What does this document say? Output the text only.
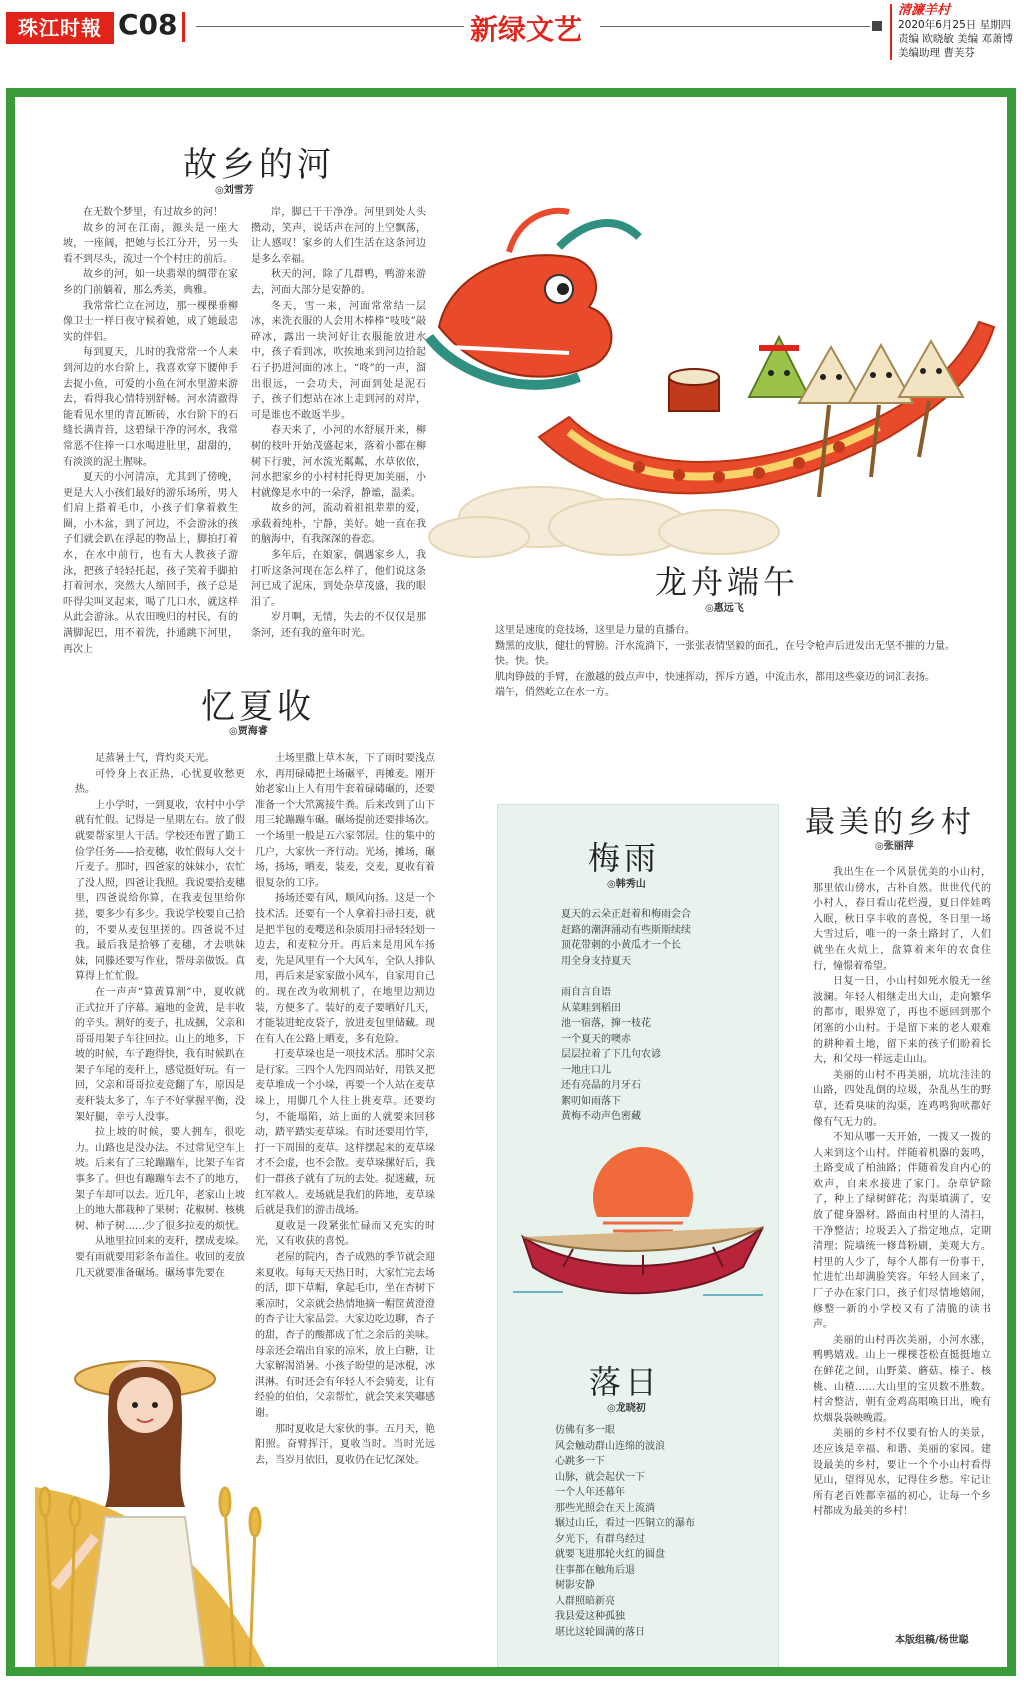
珠江时報 C08	新绿文艺
清濂羊村
2020年6月25日 星期四
责编 欧晓敏 美编 邓萧博
美编助理 曹芙芬
故乡的河
◎刘雪芳

在无数个梦里，有过故乡的河！

故乡的河在江南，源头是一座大坡，一座阔，把她与长江分开，另一头看不到尽头，流过一个个村庄的前后。

故乡的河，如一块翡翠的绸带在家乡的门前躺着，那么秀美，典雅。

我常常伫立在河边，那一棵棵垂柳像卫士一样日夜守候着她，成了她最忠实的伴侣。

每到夏天，儿时的我常常一个人来到河边的水台阶上，我喜欢穿下腰伸手去捉小鱼，可爱的小鱼在河水里游来游去，看得我心情特别舒畅。河水清澈得能看见水里的青瓦断砖，水台阶下的石缝长满青苔，这碧绿干净的河水，我常常恶不住捧一口水喝进肚里，甜甜的，有淡淡的泥土腥味。

夏天的小河清凉，尤其到了傍晚，更是大人小孩们最好的游乐场所，男人们肩上搭着毛巾，小孩子们拿着救生圈，小木盆，到了河边，不会游泳的孩子们就会趴在浮起的物品上，脚拍打着水，在水中前行，也有大人教孩子游泳，把孩子轻轻托起，孩子笑着手脚拍打着河水，突然大人缩回手，孩子总是吓得尖叫叉起来，喝了几口水，就这样从此会游泳。从农田晚归的村民，有的满脚泥巴，用不着洗，扑通跳下河里，再次上

岸，脚已干干净净。河里到处人头攒动，笑声，说话声在河的上空飘荡，让人感叹！家乡的人们生活在这条河边是多么幸福。

秋天的河，除了几群鸭，鸭游来游去，河面大部分是安静的。

冬天，雪一来，河面常常结一层冰，来洗衣服的人会用木棒棒“吱吱”敲碎冰，露出一块河好让衣服能放进水中，孩子看到冰，吹挨地来到河边拾起石子扔进河面的冰上，“咚”的一声，溜出很远，一会功夫，河面到处是泥石子，孩子们想站在冰上走到河的对岸，可是谁也不敢返半步。

春天来了，小河的水舒展开来，柳树的枝叶开始茂盛起来，落着小都在柳树下行驶，河水流光粼粼，水草依依，河水把家乡的小村村托得更加美丽，小村就像是水中的一朵浮，静谧，温柔。

故乡的河，流动着祖祖辈辈的爱，承载着纯朴，宁静，美好。她一直在我的脑海中，有我深深的眷恋。

多年后，在娘家，偶遇家乡人，我打听这条河现在怎么样了，他们说这条河已成了泥床，到处杂草茂盛，我的眼泪了。

岁月啊，无情，失去的不仅仅是那条河，还有我的童年时光。

龙舟端午
◎惠远飞
这里是速度的竞技场，这里是力量的直播台。
黝黑的皮肤，健壮的臂膀。汗水流淌下，一张张表情坚毅的面孔，在号令枪声后迸发出无坚不摧的力量。
快。快。快。
肌肉铮鼓的手臂，在激越的鼓点声中，快速挥动，挥斥方遒，中流击水，都用这些豪迈的词汇表扬。
端午，俏然屹立在水一方。
忆夏收
◎贾海睿

足蒸暑土气，背灼炎天光。

可怜身上衣正热，心忧夏收愁更热。

上小学时，一到夏收，农村中小学就有忙假。记得是一星期左右。放了假就要帮家里人干活。学校还布置了勤工俭学任务——拾麦穗，收忙假每人交十斤麦子。那时，四爸家的妹妹小，农忙了没人照，四爸让我照。我说要拾麦穗里，四爸说给你算，在我麦包里给你搓，要多少有多少。我说学校要自己拾的，不要从麦包里搓的。四爸说不过我。最后我是拾够了麦穗，才去哄妹妹，同滕还要写作业，帮母亲做饭。真算得上忙忙假。

在一声声“算黄算割”中，夏收就正式拉开了序幕。遍地的金黄，是丰收的辛头。割好的麦子，扎成捆，父亲和哥哥用架子车往回拉。山上的地多，下坡的时候，车子跑得快，我有时候趴在架子车尾的麦秆上，感觉挺好玩。有一回，父亲和哥哥拉麦竞翻了车，原因是麦秆装太多了，车子不好掌握平衡，没架好腿，幸亏人没事。

拉上坡的时候，要人拥车，很吃力。山路也是没办法。不过常见空车上坡。后来有了三轮蹦蹦车，比架子车省事多了。但也有蹦蹦车去不了的地方，架子车却可以去。近几年，老家山上坡上的地大都栽种了果树；花椒树、核桃树、柿子树……少了很多拉麦的烦忧。

从地里拉回来的麦秆，摆成麦垛。要有雨就要用彩条布盖住。收回的麦放几天就要准备碾场。碾场事先要在

土场里撒上草木灰，下了雨时要浅点水，再用碌碡把土场碾平，再摊麦。刚开始老家山上人有用牛套着碌碡碾的，还要准备一个大笊篱接牛粪。后来改到了山下用三轮蹦蹦车碾。碾场提前还要排场次。一个场里一般是五六家邻居。住的集中的几户，大家伙一齐行动。光场，摊场，碾场，扬场，晒麦，装麦，交麦，夏收有着很复杂的工序。

扬场还要有风，顺风向扬。这是一个技术活。还要有一个人拿着扫帚扫麦，就是把半包的麦嘤送和杂质用扫帚轻轻划一边去，和麦粒分开。再后来是用风车扬麦，先是风里有一个大风车，全队人排队用，再后来是家家做小风车，自家用自己的。现在改为收割机了，在地里边割边装，方便多了。装好的麦子要晒好几天，才能装进蛇皮袋子，放进麦包里储藏。现在有人在公路上晒麦，多有危险。

打麦草垛也是一项技术活。那时父亲是行家。三四个人先四周站好，用铁叉把麦草堆成一个小垛，再要一个人站在麦草垛上，用脚几个人往上挑麦草。还要均匀，不能塌陷，站上面的人就要来回移动，踏平踏实麦草垛。有时还要用竹竿，打一下周围的麦草。这样摆起来的麦草垛才不会虚，也不会散。麦草垛摞好后，我们一群孩子就有了玩的去处。捉迷藏，玩红军救人。麦场就是我们的阵地，麦草垛后就是我们的游击战场。

夏收是一段紧张忙碌而又充实的时光，又有收获的喜悦。

老屋的院内，杏子成熟的季节就会迎来夏收。每每天天热日时，大家忙完去场的活，即下草帽，拿起毛巾，坐在杏树下乘凉时，父亲就会热情地摘一帽筐黄澄澄的杏子让大家品尝。大家边吃边聊，杏子的甜，杏子的酸都成了忙之余后的美味。母亲还会端出自家的凉米，放上白糖，让大家解渴消暑。小孩子盼望的是冰棍，冰淇淋。有时还会有年轻人不会骑麦，让有经验的伯伯，父亲帮忙，就会笑来笑嘟感谢。

那时夏收是大家伙的事。五月天，艳阳照。奋臂挥汗，夏收当时。当时光远去，当岁月依旧，夏收仍在记忆深处。

梅雨
◎韩秀山
夏天的云朵正赶着和梅雨会合
赶路的潮湃涌动有些斯斯续续
顶花带刺的小黄瓜才一个长
用全身支持夏天
雨自言自语
从菜畦到稻田
池一宿落，撺一枝花
一个夏天的噢赤
层层拉着了下几句农谚
一地庄口儿
还有亮晶的月牙石
絮叨如雨落下
黄梅不动声色密藏
落日
◎龙晓初
仿佛有多一眼
风会触动群山连绵的波浪
心跳多一下
山脉，就会起伏一下
一个人年还幕年
那些光照会在天上流淌
辗过山丘，看过一匹铜立的瀑布
夕光下，有群鸟经过
就要飞进那轮火红的圆盘
往事都在触角后退
树影安静
人群照暗新亮
我县爱这种孤独
堪比这轮圆满的落日
最美的乡村
◎张丽萍

我出生在一个风景优美的小山村，那里依山傍水，古朴自然。世世代代的小村人，春日看山花烂漫，夏日伴娃鸣入眠，秋日享丰收的喜悦，冬日里一场大雪过后，唯一的一条土路封了，人们就坐在火炕上，盘算着来年的农食住行，憧憬着希望。

日复一日，小山村如死水般无一丝波澜。年轻人相继走出大山，走向繁华的都市，眼界宽了，再也不愿回到那个闭塞的小山村。于是留下来的老人艰难的耕种着土地，留下来的孩子们盼着长大，和父母一样远走山山。

美丽的山村不再美丽，坑坑洼洼的山路，四处乱倒的垃圾，杂乱丛生的野草，还看臭味的沟渠，连鸡鸣狗吠都好像有气无力的。

不知从哪一天开始，一拨又一拨的人来到这个山村。伴随着机器的轰鸣，土路变成了柏油路；伴随着发自内心的欢声，自来水接进了家门。杂草铲除了，种上了绿树鲜花；沟渠填满了，安放了健身器材。路面由村里的人清扫，干净整洁；垃圾丢入了指定地点，定期清理；院墙统一修葺粉刷，美观大方。村里的人少了，每个人都有一份事干，忙进忙出却满脸笑容。年轻人回来了，厂子办在家门口，孩子们尽情地嬉闹，修整一新的小学校又有了清脆的读书声。

美丽的山村再次美丽，小河水涨，鸭鸭嬉戏。山上一棵棵苍松直挺挺地立在鲜花之间，山野菜、蘑菇、榛子、核桃、山楂……大山里的宝贝数不胜数。村舍整洁，朝有金鸡高唱唤日出，晚有炊烟袅袅映晚霞。

美丽的乡村不仅要有怡人的美景，还应该是幸福、和谐、美丽的家园。建设最美的乡村，要让一个个小山村看得见山，望得见水，记得住乡愁。牢记让所有老百姓都幸福的初心，让每一个乡村都成为最美的乡村！

本版组稿/杨世聪
